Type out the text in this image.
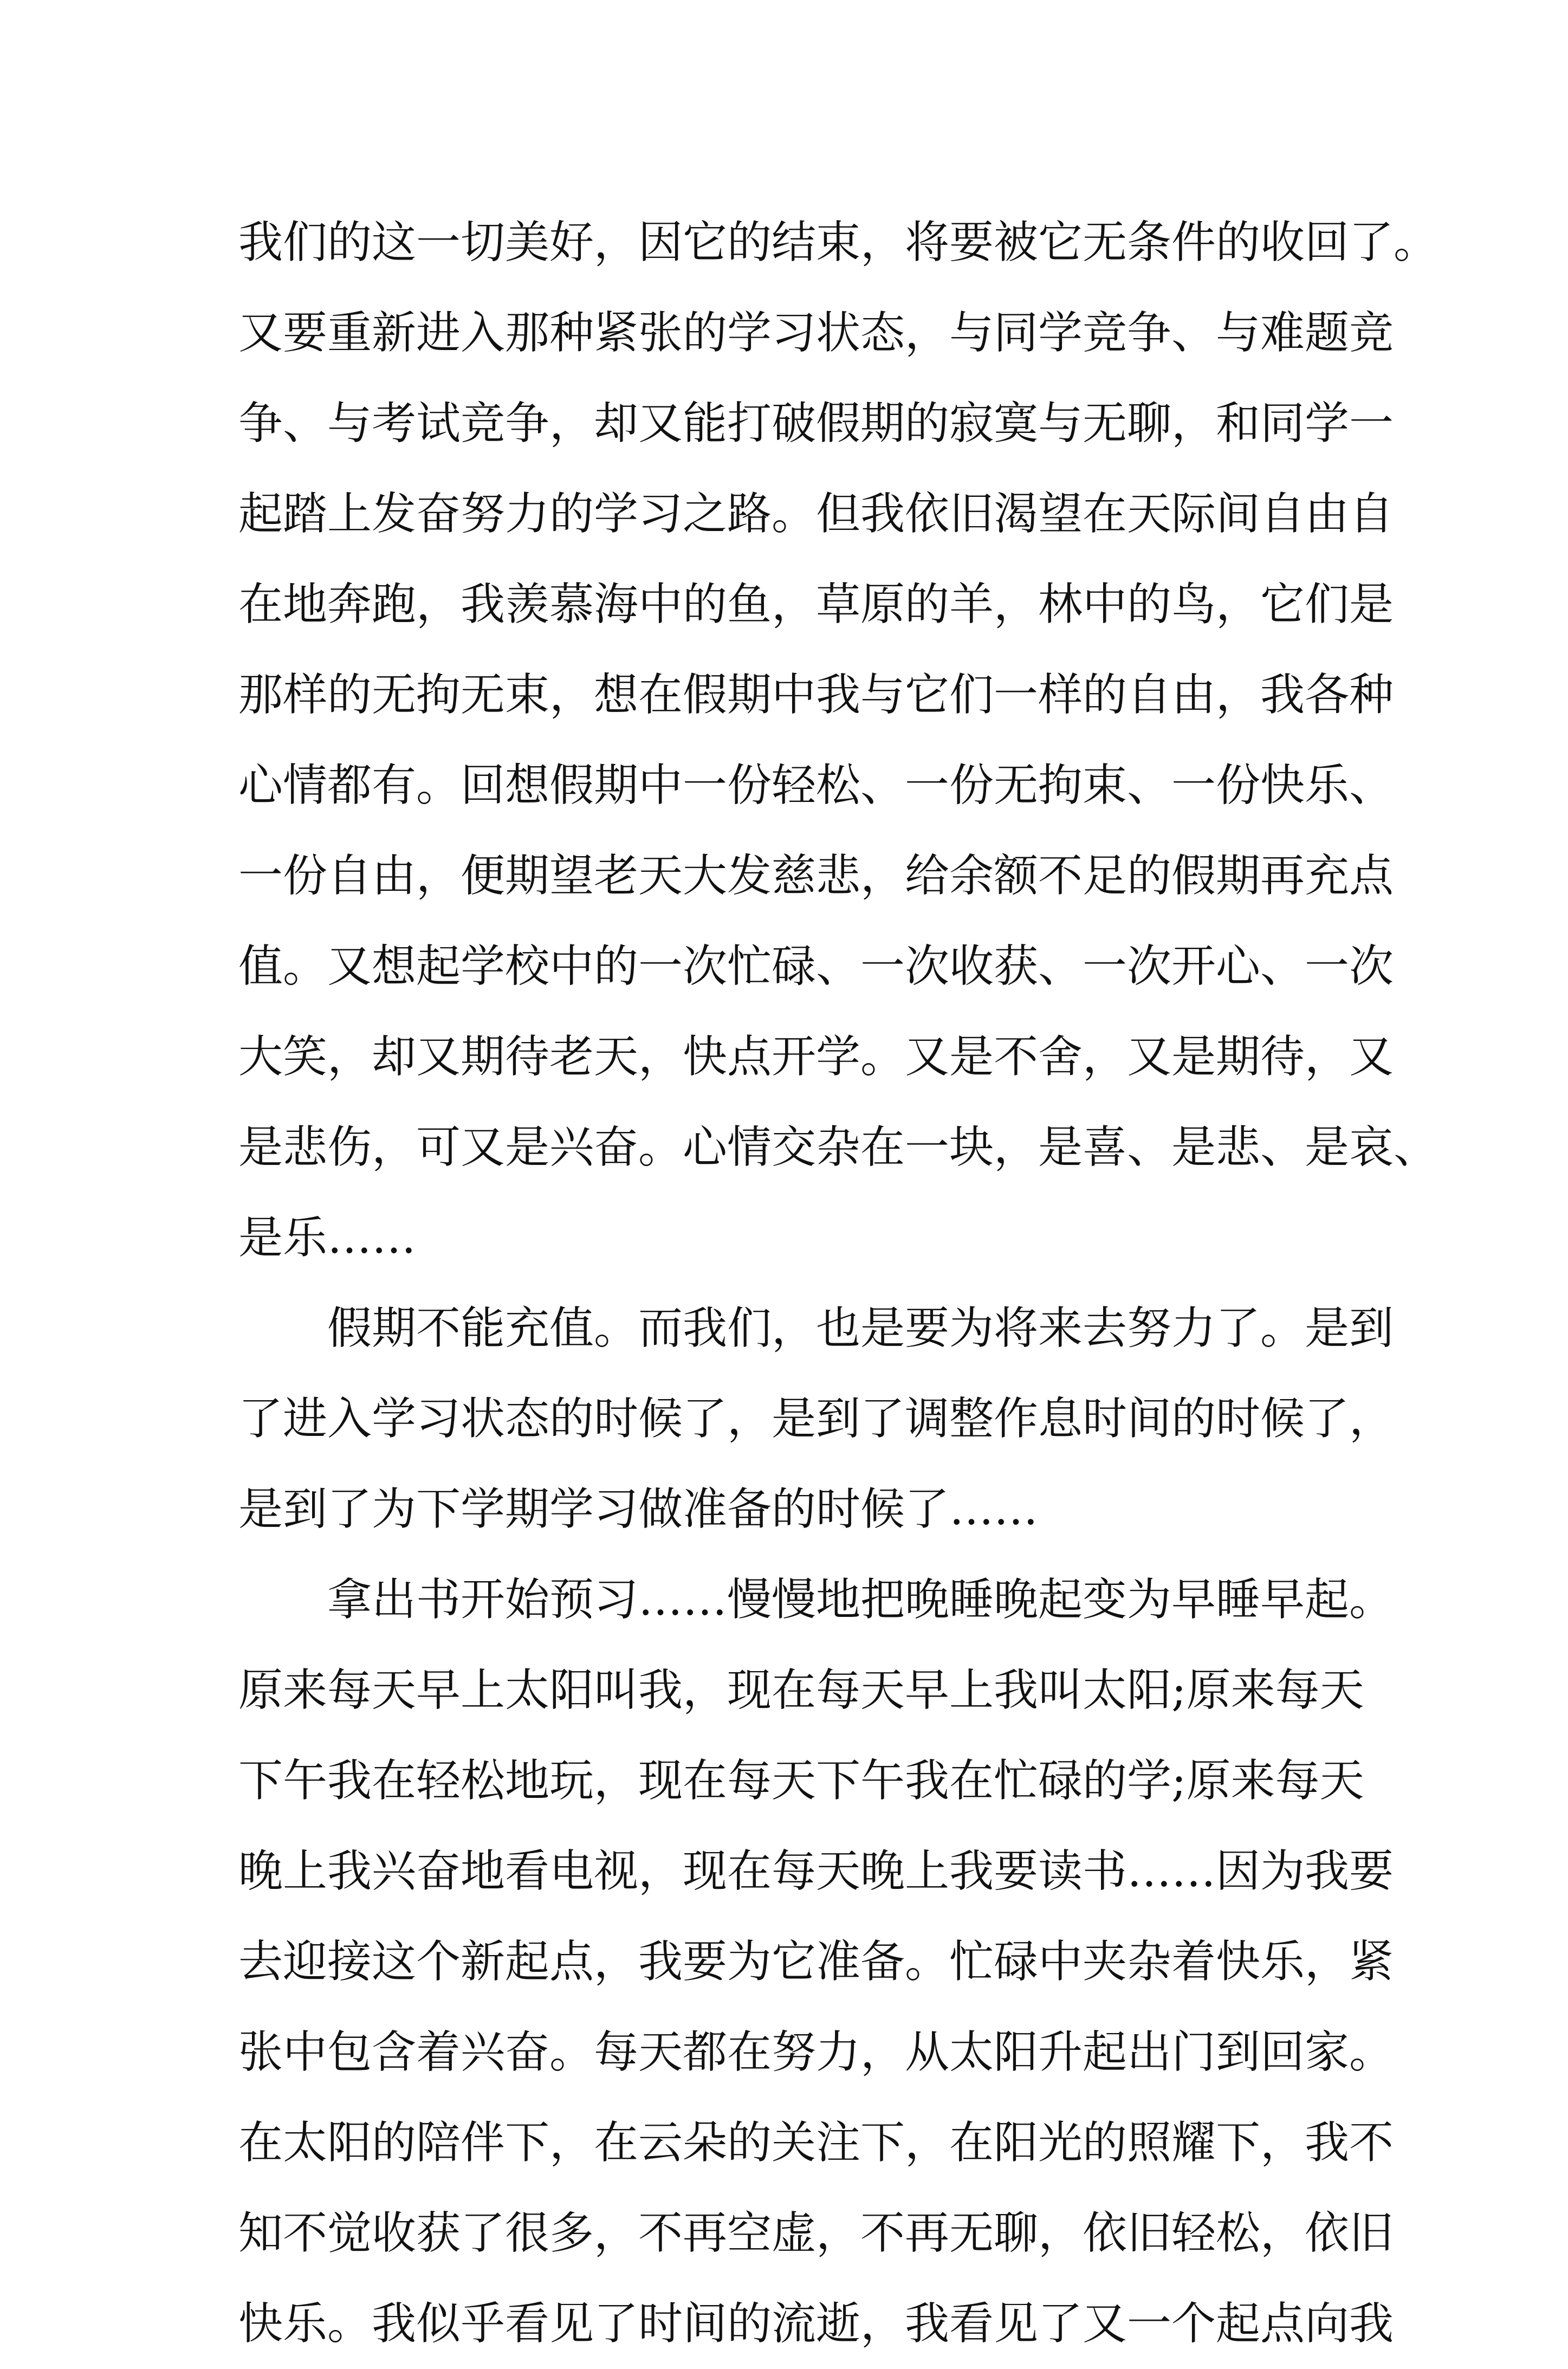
我们的这一切美好，因它的结束，将要被它无条件的收回了。
又要重新进入那种紧张的学习状态，与同学竞争、与难题竞
争、与考试竞争，却又能打破假期的寂寞与无聊，和同学一
起踏上发奋努力的学习之路。但我依旧渴望在天际间自由自
在地奔跑，我羡慕海中的鱼，草原的羊，林中的鸟，它们是
那样的无拘无束，想在假期中我与它们一样的自由，我各种
心情都有。回想假期中一份轻松、一份无拘束、一份快乐、
一份自由，便期望老天大发慈悲，给余额不足的假期再充点
值。又想起学校中的一次忙碌、一次收获、一次开心、一次
大笑，却又期待老天，快点开学。又是不舍，又是期待，又
是悲伤，可又是兴奋。心情交杂在一块，是喜、是悲、是哀、
是乐……
假期不能充值。而我们，也是要为将来去努力了。是到
了进入学习状态的时候了，是到了调整作息时间的时候了，
是到了为下学期学习做准备的时候了……
拿出书开始预习……慢慢地把晚睡晚起变为早睡早起。
原来每天早上太阳叫我，现在每天早上我叫太阳;原来每天
下午我在轻松地玩，现在每天下午我在忙碌的学;原来每天
晚上我兴奋地看电视，现在每天晚上我要读书……因为我要
去迎接这个新起点，我要为它准备。忙碌中夹杂着快乐，紧
张中包含着兴奋。每天都在努力，从太阳升起出门到回家。
在太阳的陪伴下，在云朵的关注下，在阳光的照耀下，我不
知不觉收获了很多，不再空虚，不再无聊，依旧轻松，依旧
快乐。我似乎看见了时间的流逝，我看见了又一个起点向我
